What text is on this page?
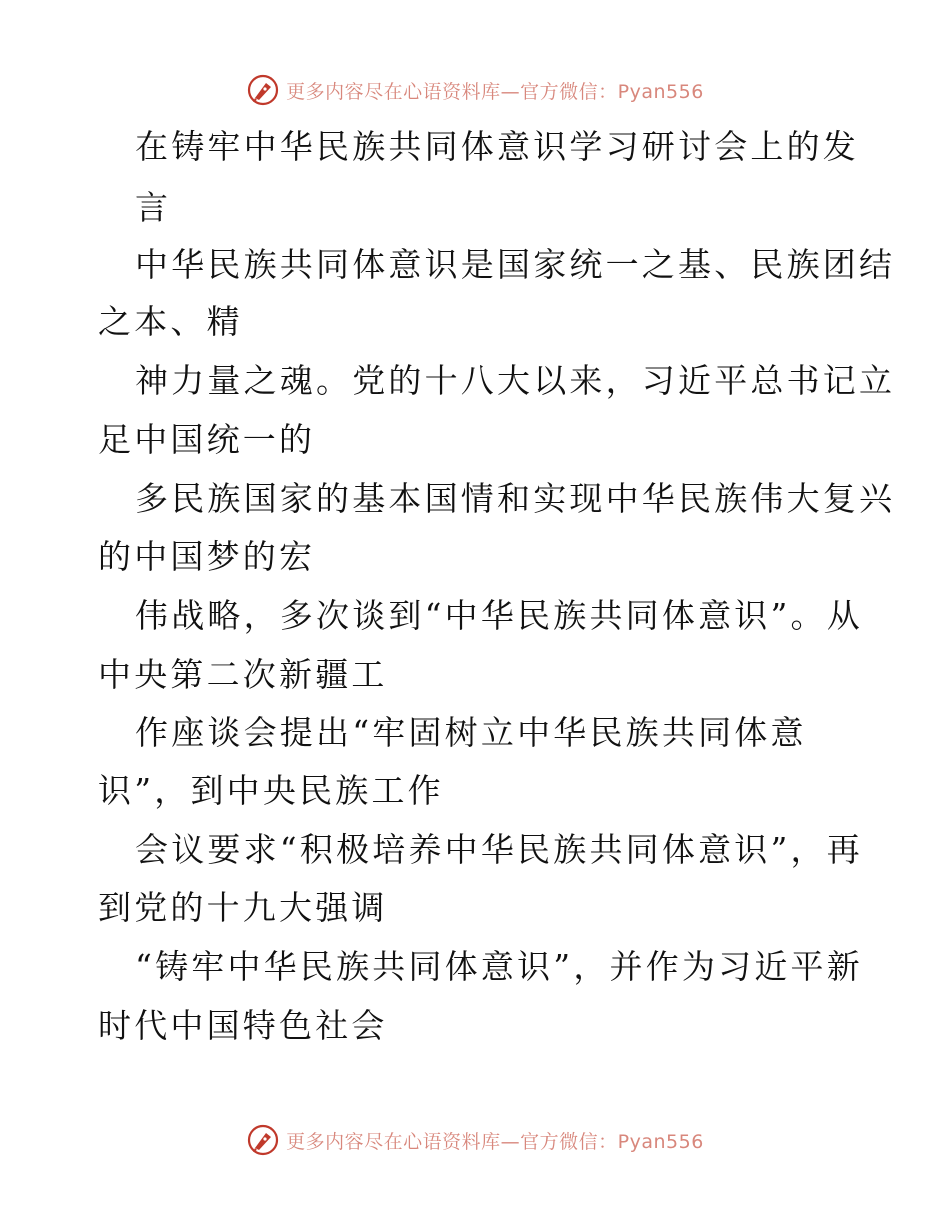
更多内容尽在心语资料库—官方微信：Pyan556
在铸牢中华民族共同体意识学习研讨会上的发
言
中华民族共同体意识是国家统一之基、民族团结
之本、精
神力量之魂。党的十八大以来，习近平总书记立
足中国统一的
多民族国家的基本国情和实现中华民族伟大复兴
的中国梦的宏
伟战略，多次谈到“中华民族共同体意识”。从
中央第二次新疆工
作座谈会提出“牢固树立中华民族共同体意
识”，到中央民族工作
会议要求“积极培养中华民族共同体意识”，再
到党的十九大强调
“铸牢中华民族共同体意识”，并作为习近平新
时代中国特色社会
更多内容尽在心语资料库—官方微信：Pyan556
